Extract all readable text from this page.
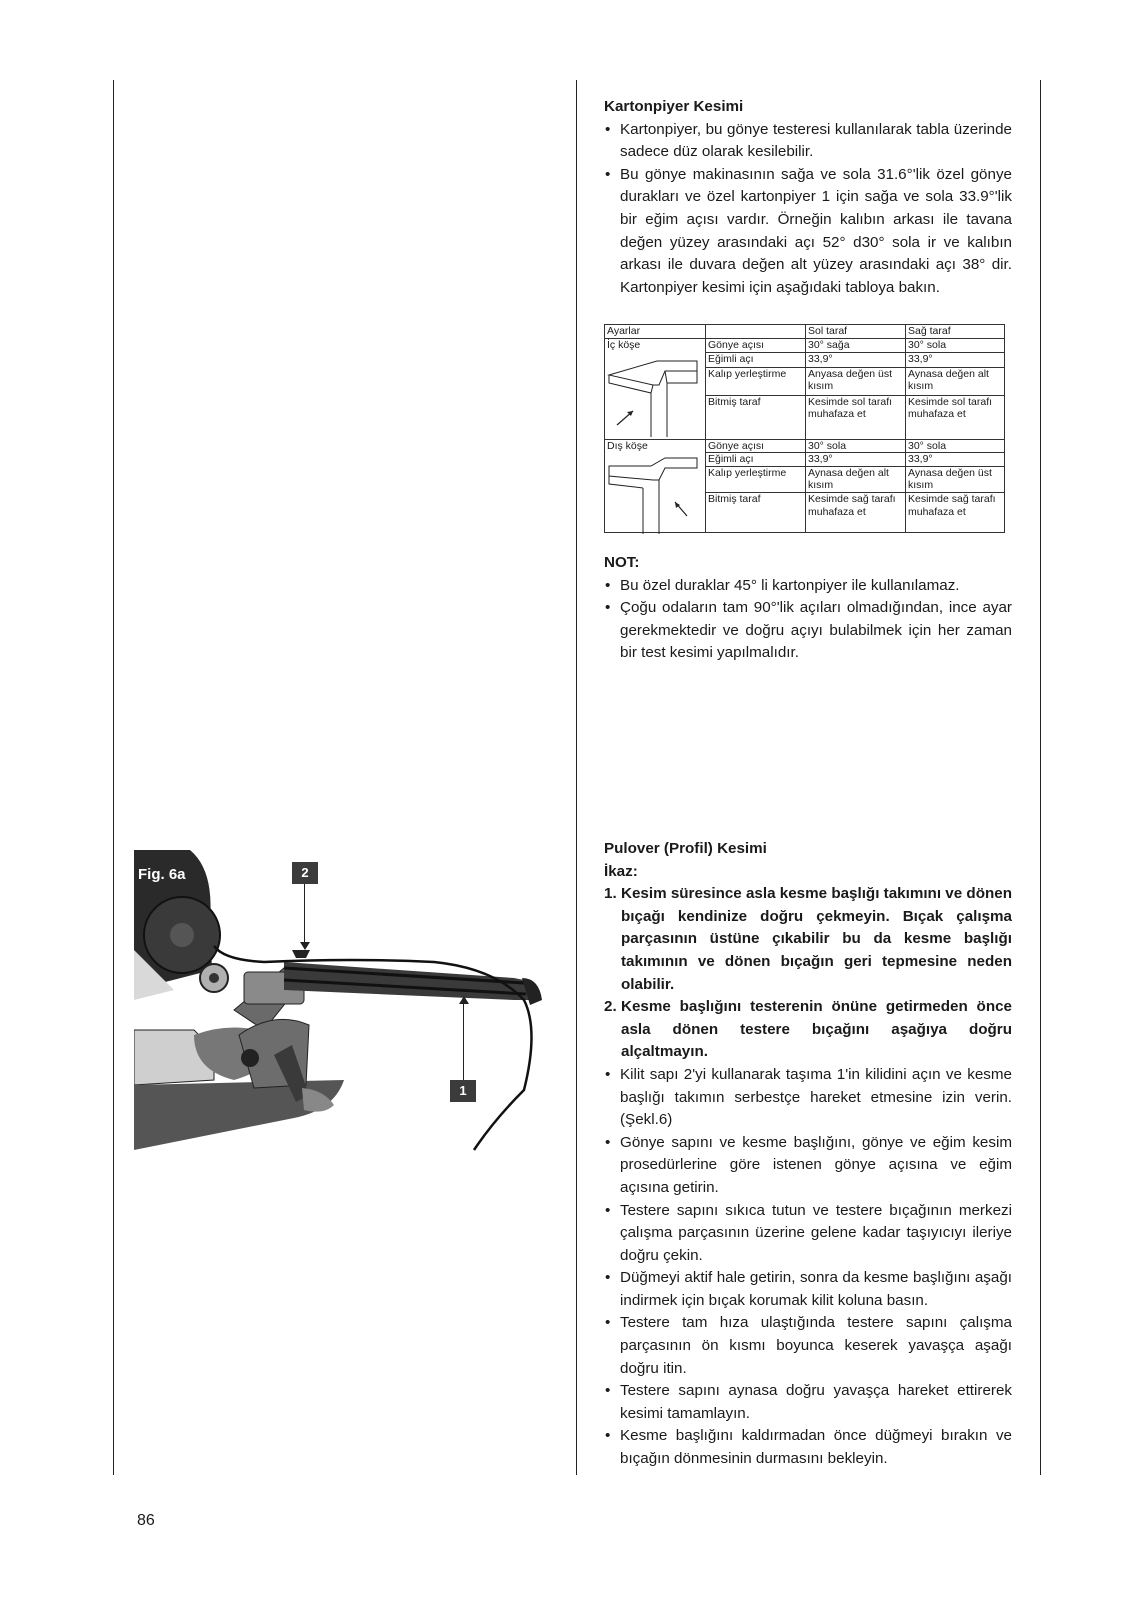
Kartonpiyer Kesimi
• Kartonpiyer, bu gönye testeresi kullanılarak tabla üzerinde sadece düz olarak kesilebilir.
• Bu gönye makinasının sağa ve sola 31.6°'lik özel gönye durakları ve özel kartonpiyer 1 için sağa ve sola 33.9°'lik bir eğim açısı vardır. Örneğin kalıbın arkası ile tavana değen yüzey arasındaki açı 52° d30° sola ir ve kalıbın arkası ile duvara değen alt yüzey arasındaki açı 38° dir. Kartonpiyer kesimi için aşağıdaki tabloya bakın.
Ayarlar		Sol taraf	Sağ taraf
İç köşe	Gönye açısı	30° sağa	30° sola
	Eğimli açı	33,9°	33,9°
	Kalıp yerleştirme	Anyasa değen üst kısım	Aynasa değen alt kısım
	Bitmiş taraf	Kesimde sol tarafı muhafaza et	Kesimde sol tarafı muhafaza et
Dış köşe	Gönye açısı	30° sola	30° sola
	Eğimli açı	33,9°	33,9°
	Kalıp yerleştirme	Aynasa değen alt kısım	Aynasa değen üst kısım
	Bitmiş taraf	Kesimde sağ tarafı muhafaza et	Kesimde sağ tarafı muhafaza et
NOT:
• Bu özel duraklar 45° li kartonpiyer ile kullanılamaz.
• Çoğu odaların tam 90°'lik açıları olmadığından, ince ayar gerekmektedir ve doğru açıyı bulabilmek için her zaman bir test kesimi yapılmalıdır.
Fig. 6a	2
1
Pulover (Profil) Kesimi
İkaz:
1. Kesim süresince asla kesme başlığı takımını ve dönen bıçağı kendinize doğru çekmeyin. Bıçak çalışma parçasının üstüne çıkabilir bu da kesme başlığı takımının ve dönen bıçağın geri tepmesine neden olabilir.
2. Kesme başlığını testerenin önüne getirmeden önce asla dönen testere bıçağını aşağıya doğru alçaltmayın.
• Kilit sapı 2'yi kullanarak taşıma 1'in kilidini açın ve kesme başlığı takımın serbestçe hareket etmesine izin verin. (Şekl.6)
• Gönye sapını ve kesme başlığını, gönye ve eğim kesim prosedürlerine göre istenen gönye açısına ve eğim açısına getirin.
• Testere sapını sıkıca tutun ve testere bıçağının merkezi çalışma parçasının üzerine gelene kadar taşıyıcıyı ileriye doğru çekin.
• Düğmeyi aktif hale getirin, sonra da kesme başlığını aşağı indirmek için bıçak korumak kilit koluna basın.
• Testere tam hıza ulaştığında testere sapını çalışma parçasının ön kısmı boyunca keserek yavaşça aşağı doğru itin.
• Testere sapını aynasa doğru yavaşça hareket ettirerek kesimi tamamlayın.
• Kesme başlığını kaldırmadan önce düğmeyi bırakın ve bıçağın dönmesinin durmasını bekleyin.
86
